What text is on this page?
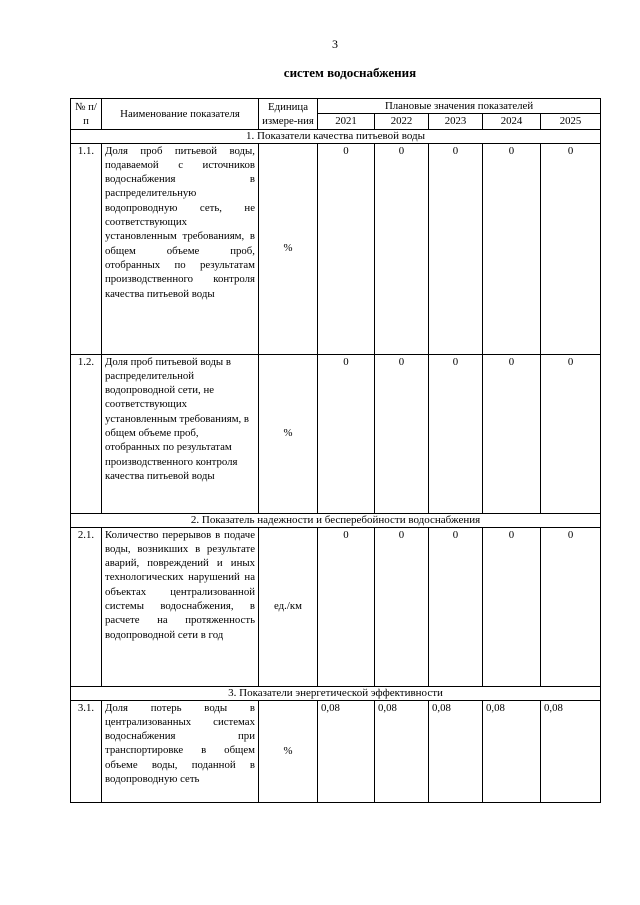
3
систем водоснабжения
№ п/п	Наименование показателя	Единица измере-ния	Плановые значения показателей				
			2021	2022	2023	2024	2025
1. Показатели качества питьевой воды							
1.1.	Доля проб питьевой воды, подаваемой с источников водоснабжения в распределительную водопроводную сеть, не соответствующих установленным требованиям, в общем объеме проб, отобранных по результатам производственного контроля качества питьевой воды	%	0	0	0	0	0
1.2.	Доля проб питьевой воды в распределительной водопроводной сети, не соответствующих установленным требованиям, в общем объеме проб, отобранных по результатам производственного контроля качества питьевой воды	%	0	0	0	0	0
2. Показатель надежности и бесперебойности водоснабжения							
2.1.	Количество перерывов в подаче воды, возникших в результате аварий, повреждений и иных технологических нарушений на объектах централизованной системы водоснабжения, в расчете на протяженность водопроводной сети в год	ед./км	0	0	0	0	0
3. Показатели энергетической эффективности							
3.1.	Доля потерь воды в централизованных системах водоснабжения при транспортировке в общем объеме воды, поданной в водопроводную сеть	%	0,08	0,08	0,08	0,08	0,08
